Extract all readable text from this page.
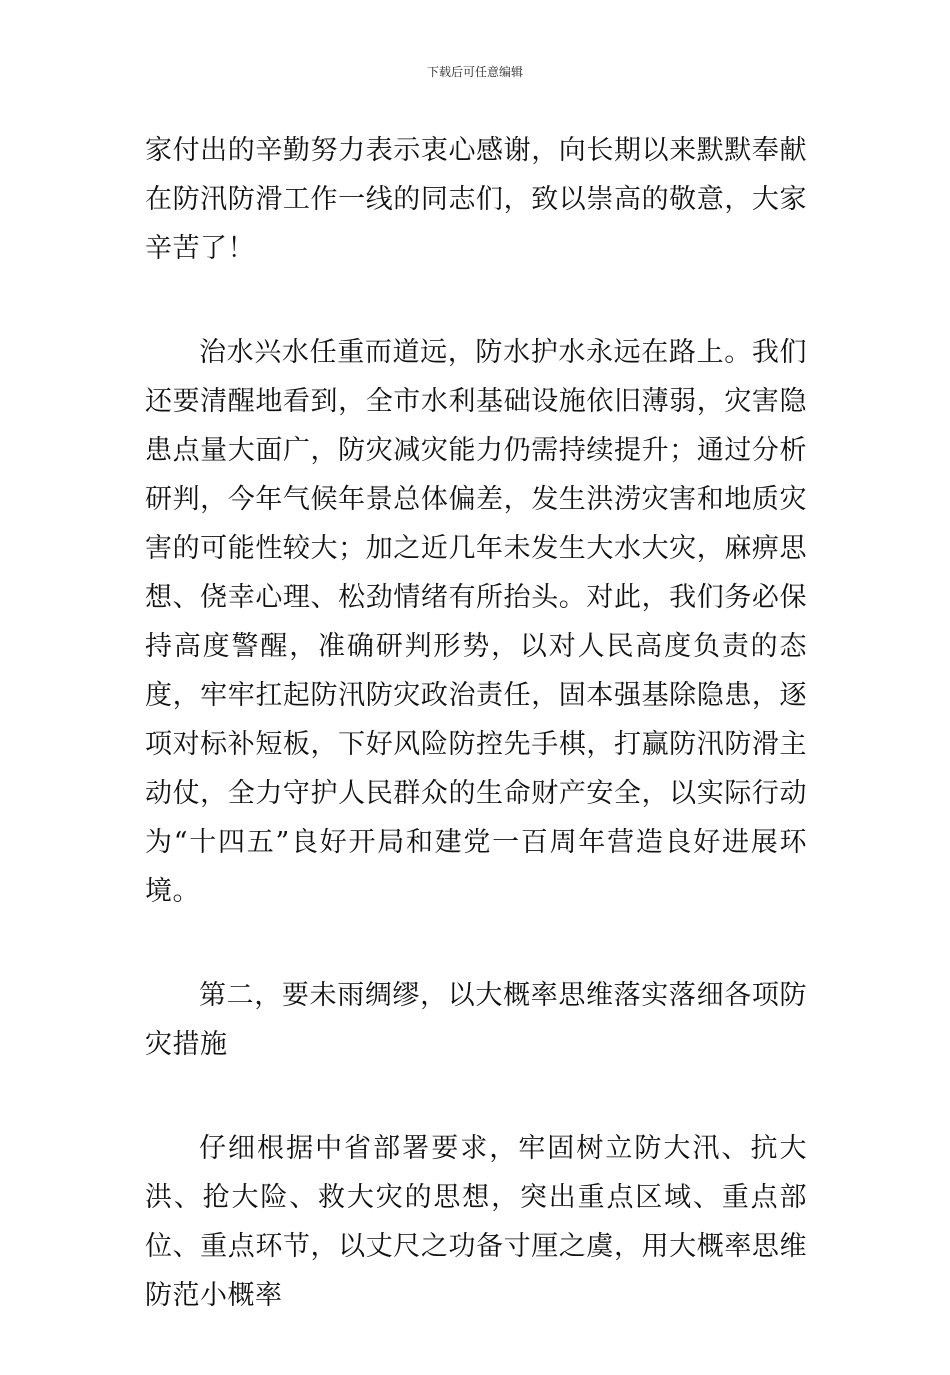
下载后可任意编辑

家付出的辛勤努力表示衷心感谢，向长期以来默默奉献在防汛防滑工作一线的同志们，致以崇高的敬意，大家辛苦了！

治水兴水任重而道远，防水护水永远在路上。我们还要清醒地看到，全市水利基础设施依旧薄弱，灾害隐患点量大面广，防灾减灾能力仍需持续提升；通过分析研判，今年气候年景总体偏差，发生洪涝灾害和地质灾害的可能性较大；加之近几年未发生大水大灾，麻痹思想、侥幸心理、松劲情绪有所抬头。对此，我们务必保持高度警醒，准确研判形势，以对人民高度负责的态度，牢牢扛起防汛防灾政治责任，固本强基除隐患，逐项对标补短板，下好风险防控先手棋，打赢防汛防滑主动仗，全力守护人民群众的生命财产安全，以实际行动为“十四五”良好开局和建党一百周年营造良好进展环境。

第二，要未雨绸缪，以大概率思维落实落细各项防灾措施

仔细根据中省部署要求，牢固树立防大汛、抗大洪、抢大险、救大灾的思想，突出重点区域、重点部位、重点环节，以丈尺之功备寸厘之虞，用大概率思维防范小概率
